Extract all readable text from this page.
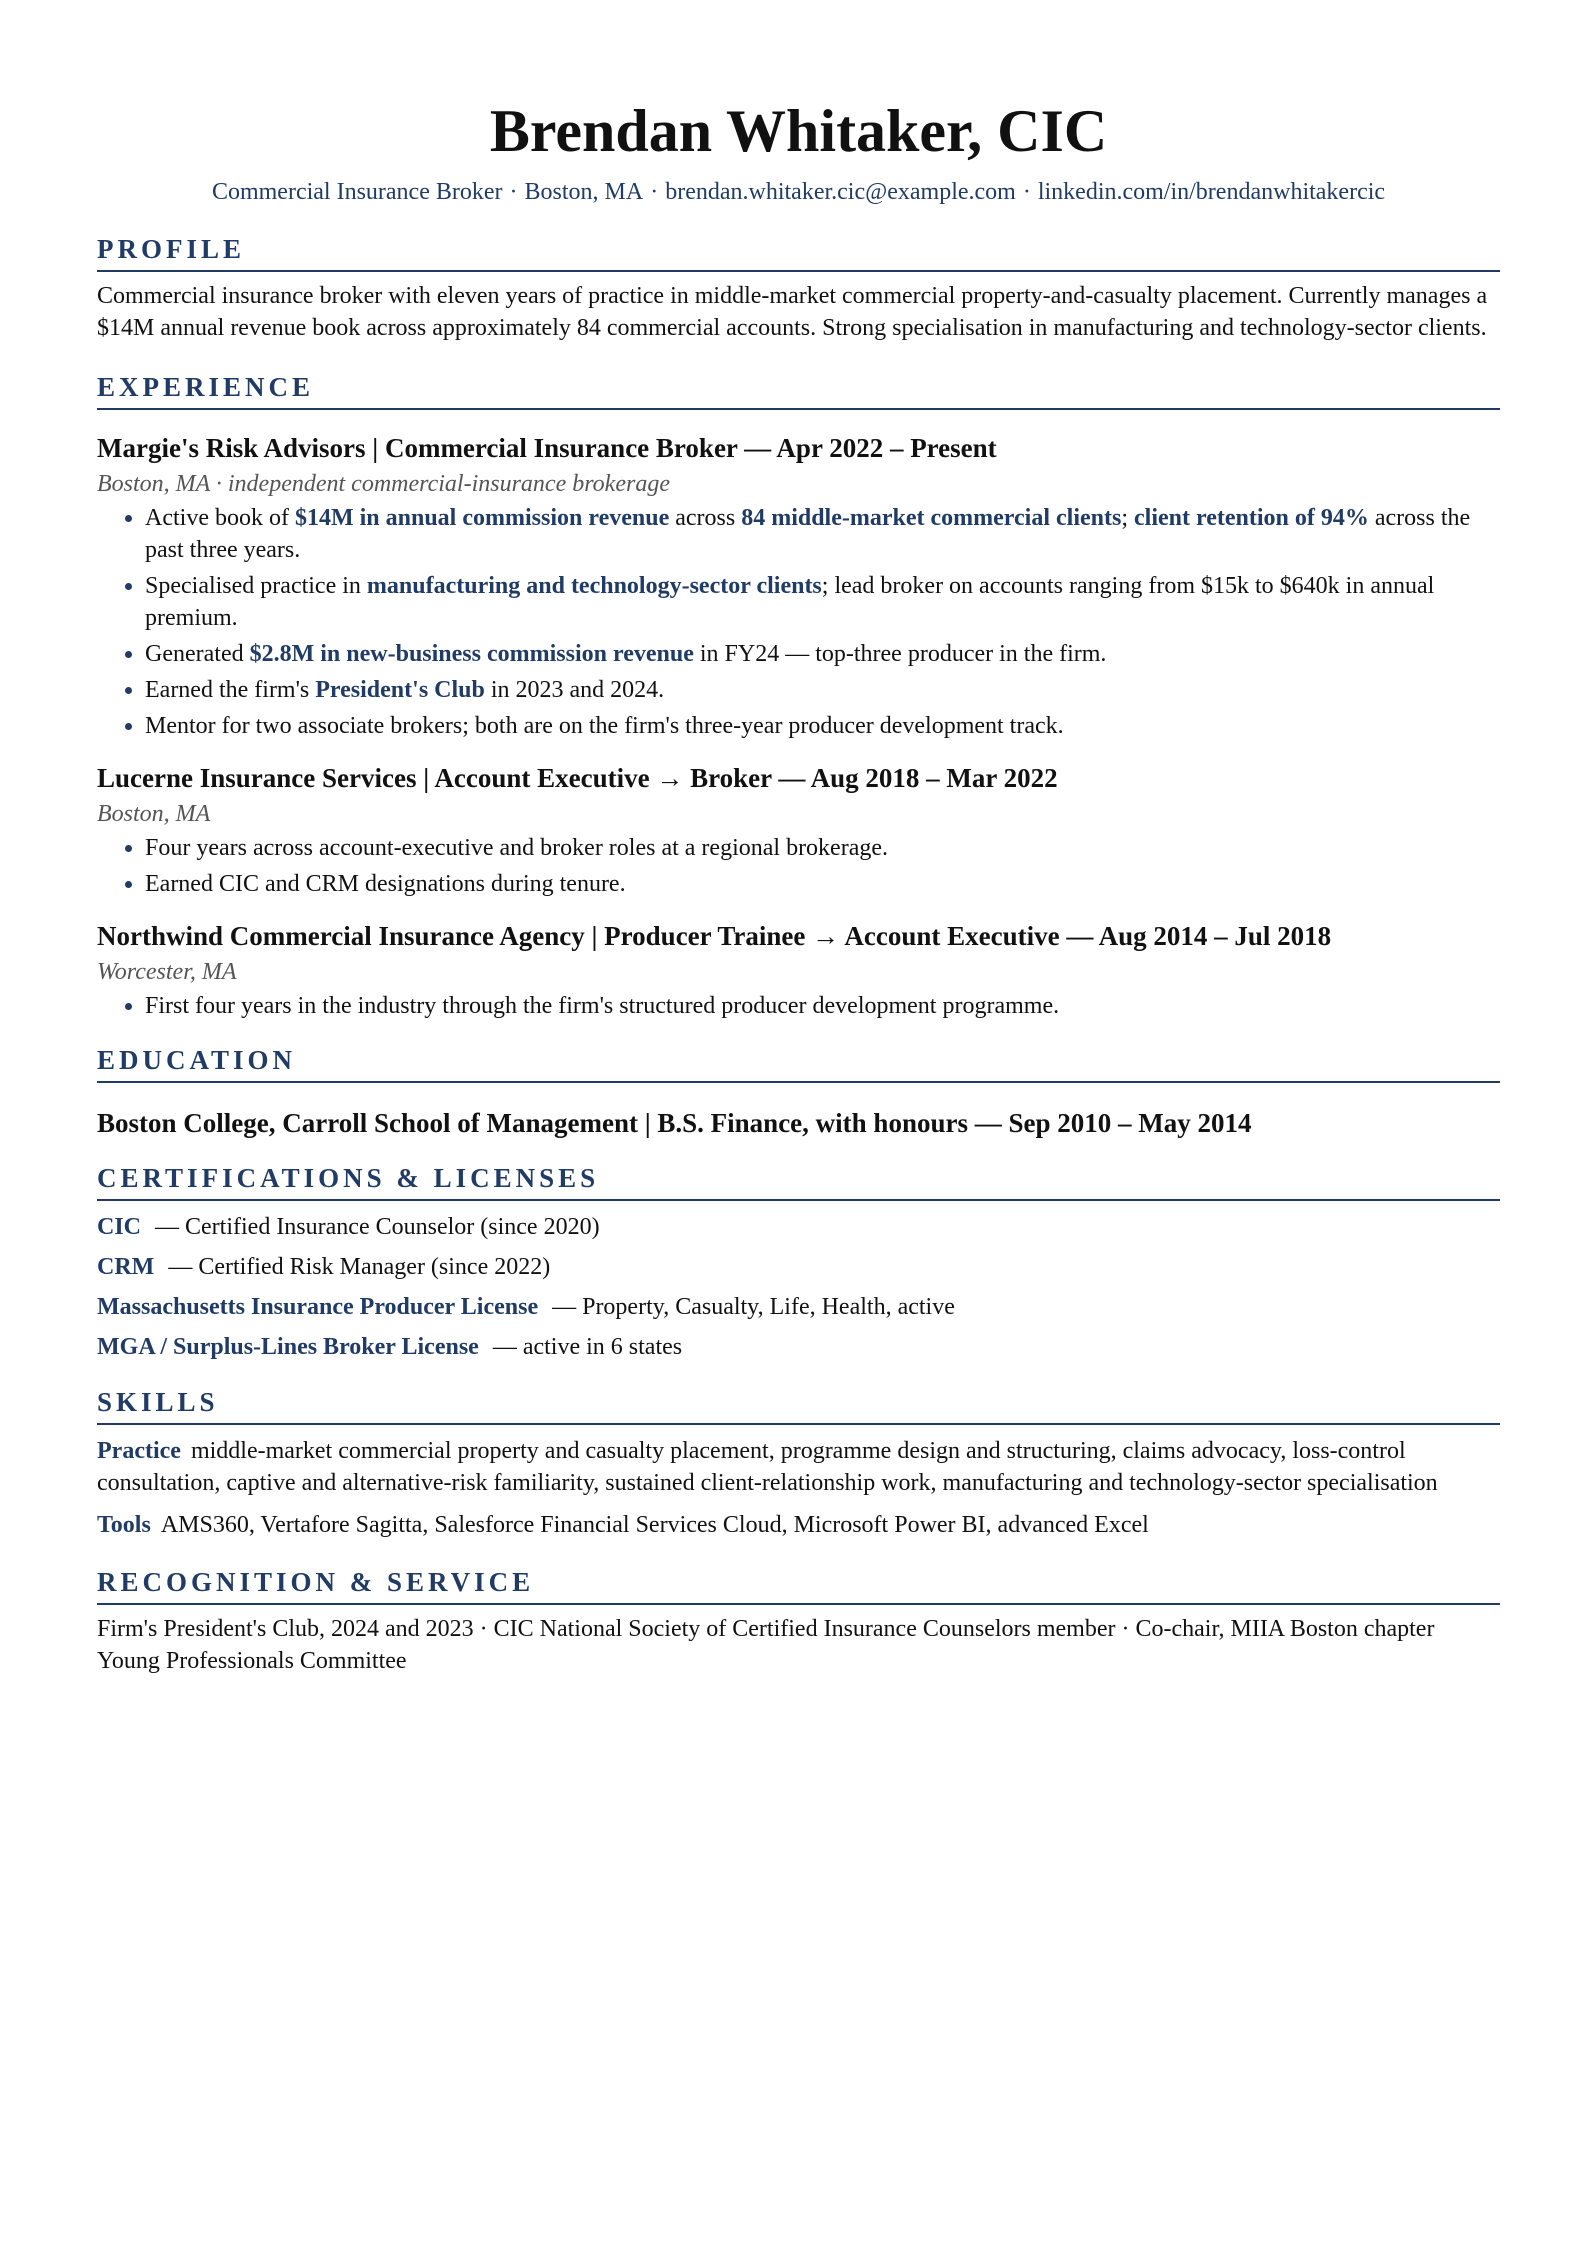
Brendan Whitaker, CIC
Commercial Insurance Broker · Boston, MA · brendan.whitaker.cic@example.com · linkedin.com/in/brendanwhitakercic
PROFILE
Commercial insurance broker with eleven years of practice in middle-market commercial property-and-casualty placement. Currently manages a $14M annual revenue book across approximately 84 commercial accounts. Strong specialisation in manufacturing and technology-sector clients.
EXPERIENCE
Margie's Risk Advisors | Commercial Insurance Broker — Apr 2022 – Present
Boston, MA · independent commercial-insurance brokerage
• Active book of $14M in annual commission revenue across 84 middle-market commercial clients; client retention of 94% across the past three years.
• Specialised practice in manufacturing and technology-sector clients; lead broker on accounts ranging from $15k to $640k in annual premium.
• Generated $2.8M in new-business commission revenue in FY24 — top-three producer in the firm.
• Earned the firm's President's Club in 2023 and 2024.
• Mentor for two associate brokers; both are on the firm's three-year producer development track.
Lucerne Insurance Services | Account Executive → Broker — Aug 2018 – Mar 2022
Boston, MA
• Four years across account-executive and broker roles at a regional brokerage.
• Earned CIC and CRM designations during tenure.
Northwind Commercial Insurance Agency | Producer Trainee → Account Executive — Aug 2014 – Jul 2018
Worcester, MA
• First four years in the industry through the firm's structured producer development programme.
EDUCATION
Boston College, Carroll School of Management | B.S. Finance, with honours — Sep 2010 – May 2014
CERTIFICATIONS & LICENSES
CIC — Certified Insurance Counselor (since 2020)
CRM — Certified Risk Manager (since 2022)
Massachusetts Insurance Producer License — Property, Casualty, Life, Health, active
MGA / Surplus-Lines Broker License — active in 6 states
SKILLS
Practice middle-market commercial property and casualty placement, programme design and structuring, claims advocacy, loss-control consultation, captive and alternative-risk familiarity, sustained client-relationship work, manufacturing and technology-sector specialisation
Tools AMS360, Vertafore Sagitta, Salesforce Financial Services Cloud, Microsoft Power BI, advanced Excel
RECOGNITION & SERVICE
Firm's President's Club, 2024 and 2023 · CIC National Society of Certified Insurance Counselors member · Co-chair, MIIA Boston chapter Young Professionals Committee
